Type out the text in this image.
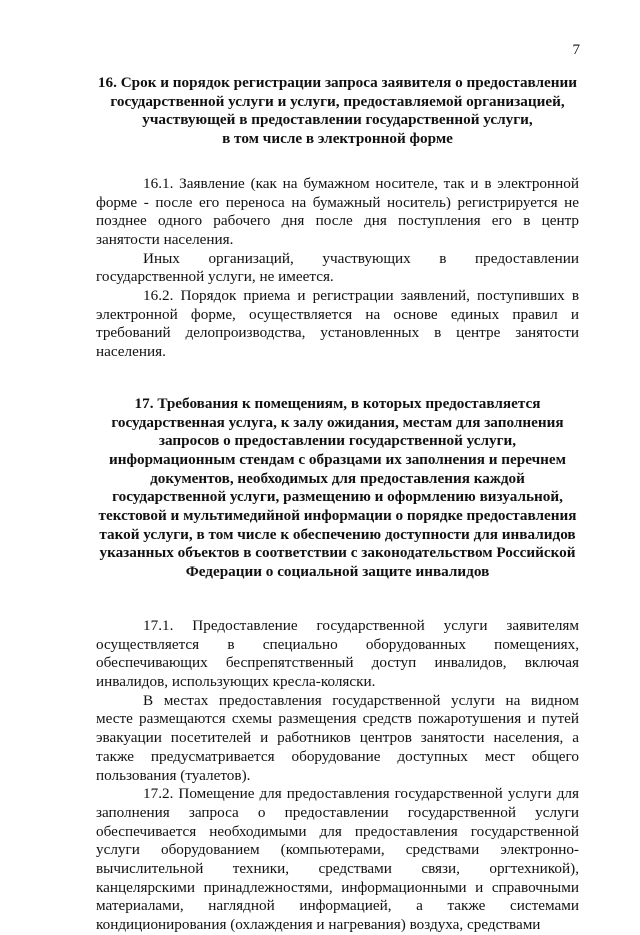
7
16. Срок и порядок регистрации запроса заявителя о предоставлении
государственной услуги и услуги, предоставляемой организацией,
участвующей в предоставлении государственной услуги,
в том числе в электронной форме

16.1. Заявление (как на бумажном носителе, так и в электронной форме - после его переноса на бумажный носитель) регистрируется не позднее одного рабочего дня после дня поступления его в центр занятости населения.

Иных организаций, участвующих в предоставлении государственной услуги, не имеется.

16.2. Порядок приема и регистрации заявлений, поступивших в электронной форме, осуществляется на основе единых правил и требований делопроизводства, установленных в центре занятости населения.

17. Требования к помещениям, в которых предоставляется
государственная услуга, к залу ожидания, местам для заполнения
запросов о предоставлении государственной услуги,
информационным стендам с образцами их заполнения и перечнем
документов, необходимых для предоставления каждой
государственной услуги, размещению и оформлению визуальной,
текстовой и мультимедийной информации о порядке предоставления
такой услуги, в том числе к обеспечению доступности для инвалидов
указанных объектов в соответствии с законодательством Российской
Федерации о социальной защите инвалидов

17.1. Предоставление государственной услуги заявителям осуществляется в специально оборудованных помещениях, обеспечивающих беспрепятственный доступ инвалидов, включая инвалидов, использующих кресла-коляски.

В местах предоставления государственной услуги на видном месте размещаются схемы размещения средств пожаротушения и путей эвакуации посетителей и работников центров занятости населения, а также предусматривается оборудование доступных мест общего пользования (туалетов).

17.2. Помещение для предоставления государственной услуги для заполнения запроса о предоставлении государственной услуги обеспечивается необходимыми для предоставления государственной услуги оборудованием (компьютерами, средствами электронно-вычислительной техники, средствами связи, оргтехникой), канцелярскими принадлежностями, информационными и справочными материалами, наглядной информацией, а также системами кондиционирования (охлаждения и нагревания) воздуха, средствами
